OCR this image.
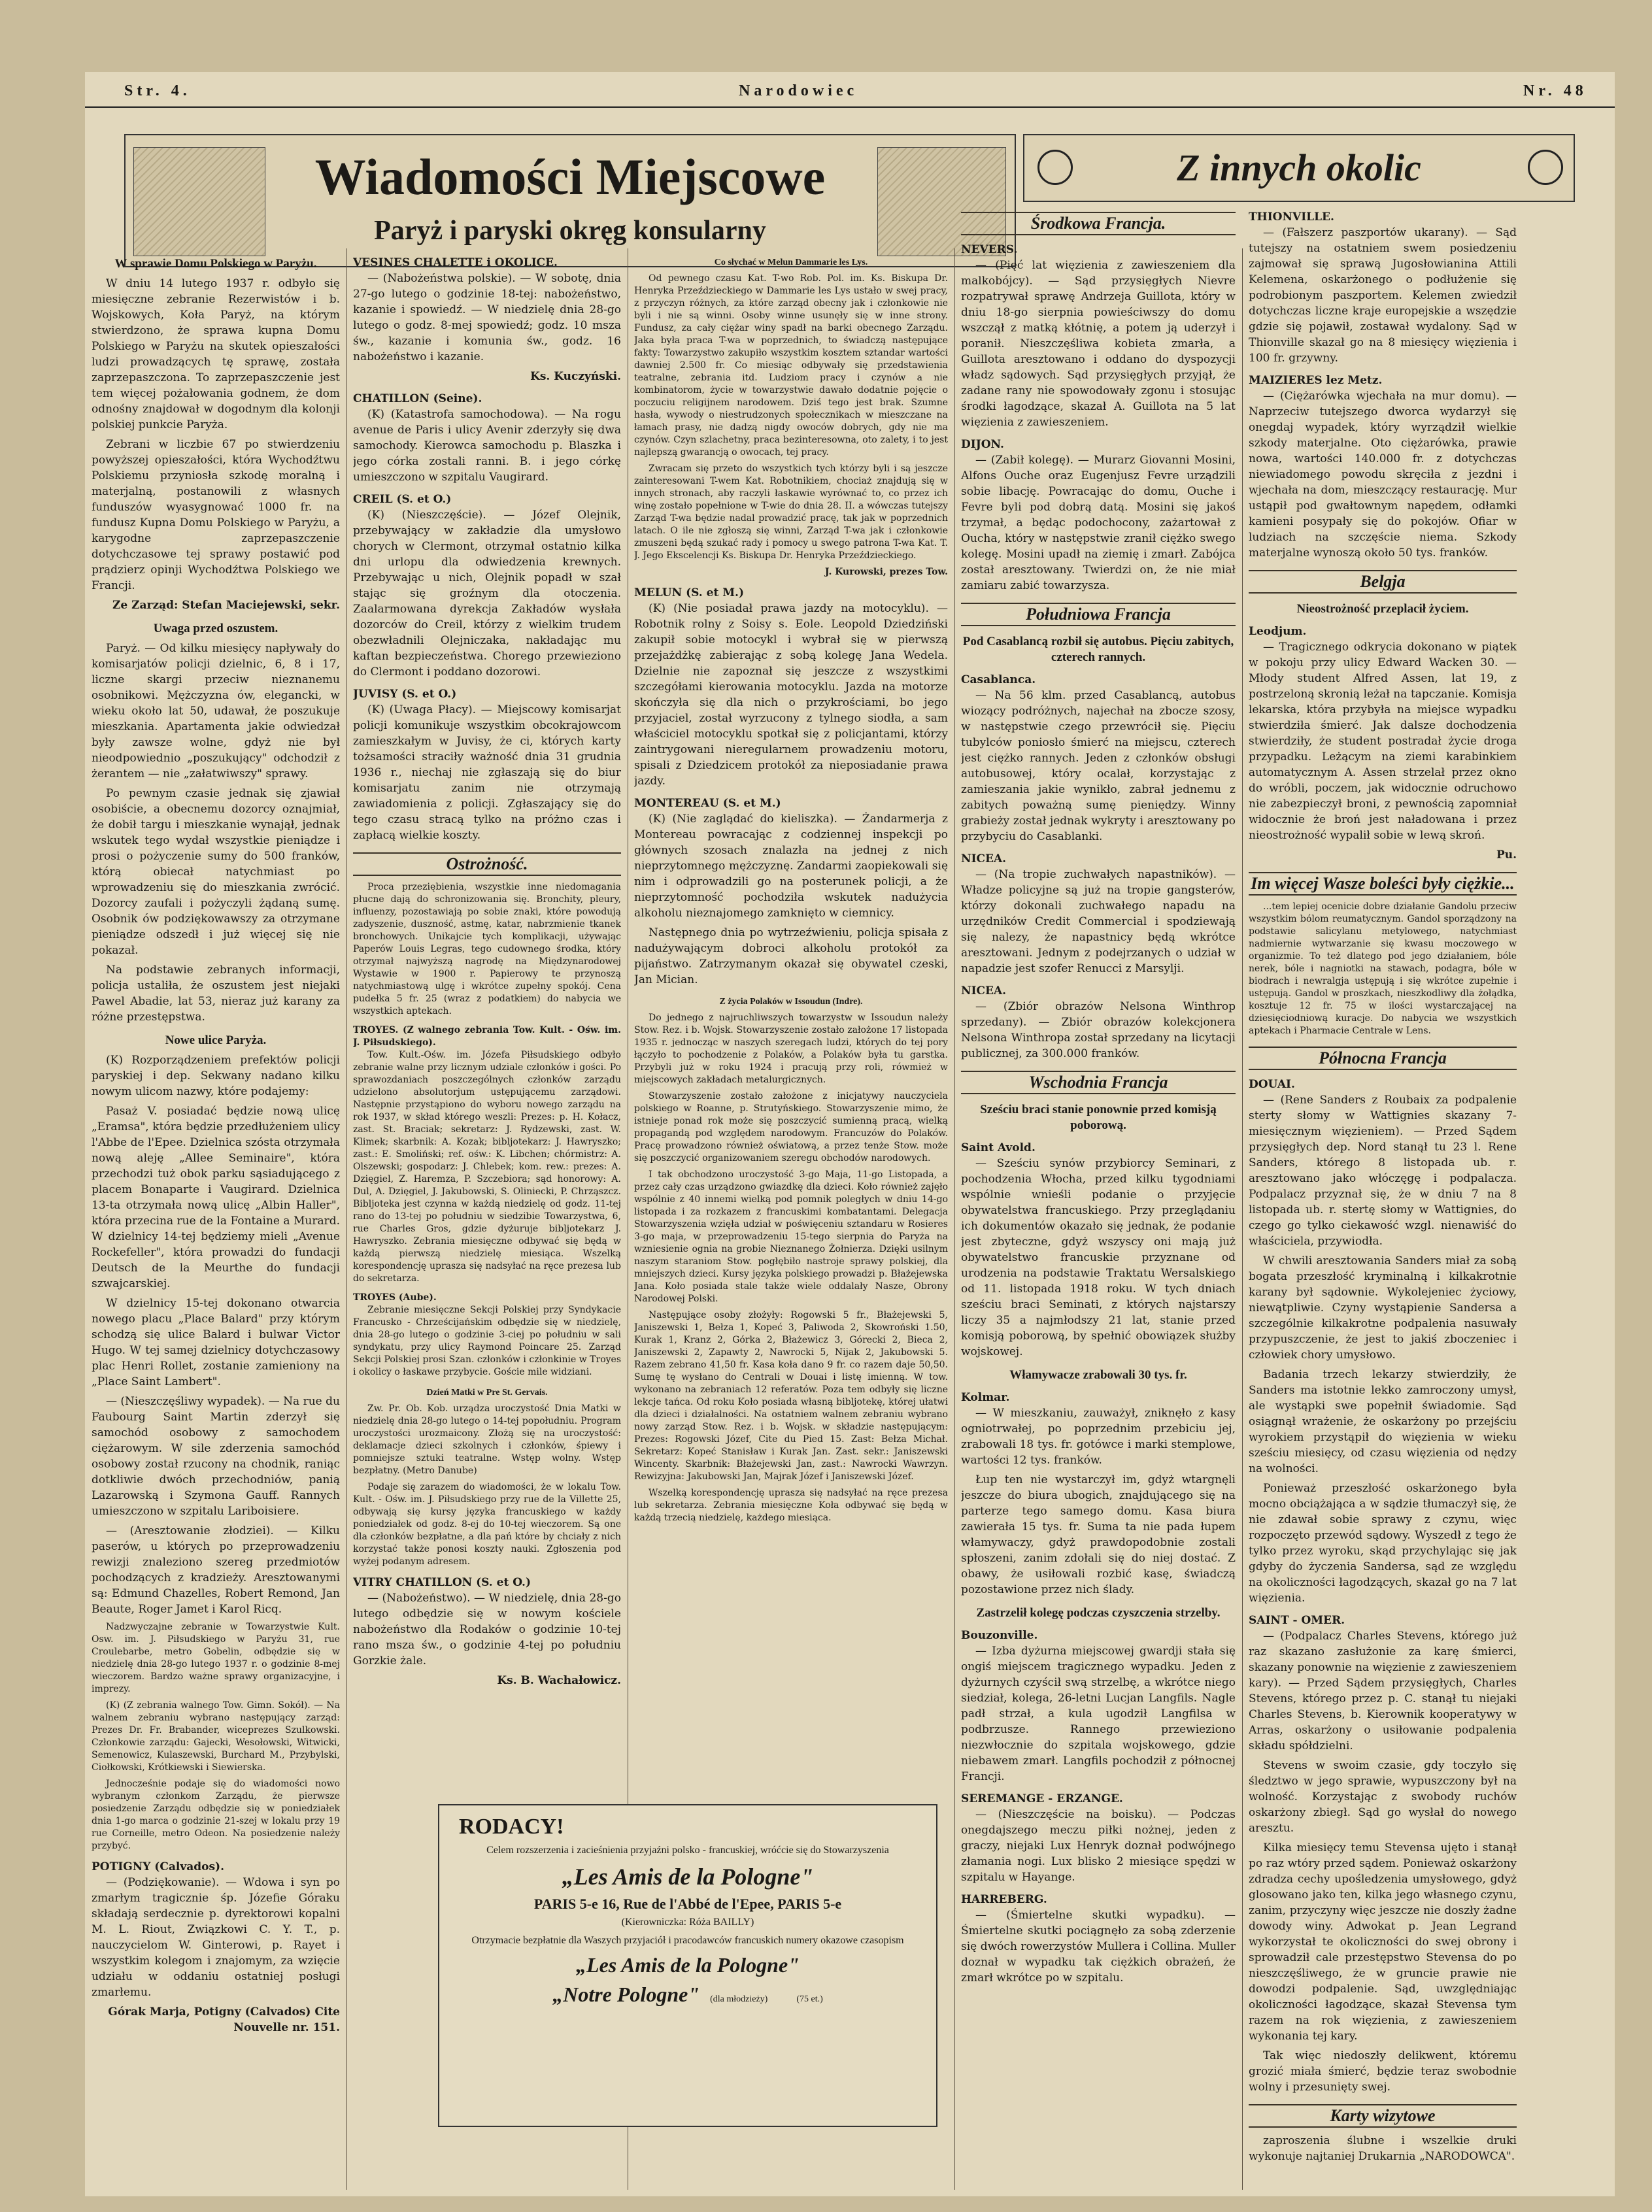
Str. 4.	Narodowiec	Nr. 48
Wiadomości Miejscowe
Paryż i paryski okręg konsularny
Z innych okolic
W sprawie Domu Polskiego w Paryżu.

W dniu 14 lutego 1937 r. odbyło się miesięczne zebranie Rezerwistów i b. Wojskowych, Koła Paryż, na którym stwierdzono, że sprawa kupna Domu Polskiego w Paryżu na skutek opieszałości ludzi prowadzących tę sprawę, została zaprzepaszczona. To zaprzepaszczenie jest tem więcej pożałowania godnem, że dom odnośny znajdował w dogodnym dla kolonji polskiej punkcie Paryża.

Zebrani w liczbie 67 po stwierdzeniu powyższej opieszałości, która Wychodźtwu Polskiemu przyniosła szkodę moralną i materjalną, postanowili z własnych funduszów wyasygnować 1000 fr. na fundusz Kupna Domu Polskiego w Paryżu, a karygodne zaprzepaszczenie dotychczasowe tej sprawy postawić pod prądzierz opinji Wychodźtwa Polskiego we Francji.

Ze Zarząd: Stefan Maciejewski, sekr.
Uwaga przed oszustem.

Paryż. — Od kilku miesięcy napływały do komisarjatów policji dzielnic, 6, 8 i 17, liczne skargi przeciw nieznanemu osobnikowi. Mężczyzna ów, elegancki, w wieku około lat 50, udawał, że poszukuje mieszkania. Apartamenta jakie odwiedzał były zawsze wolne, gdyż nie był nieodpowiednio „poszukujący" odchodził z żerantem — nie „załatwiwszy" sprawy.

Po pewnym czasie jednak się zjawiał osobiście, a obecnemu dozorcy oznajmiał, że dobił targu i mieszkanie wynajął, jednak wskutek tego wydał wszystkie pieniądze i prosi o pożyczenie sumy do 500 franków, którą obiecał natychmiast po wprowadzeniu się do mieszkania zwrócić. Dozorcy zaufali i pożyczyli żądaną sumę. Osobnik ów podziękowawszy za otrzymane pieniądze odszedł i już więcej się nie pokazał.

Na podstawie zebranych informacji, policja ustaliła, że oszustem jest niejaki Pawel Abadie, lat 53, nieraz już karany za różne przestępstwa.

Nowe ulice Paryża.

(K) Rozporządzeniem prefektów policji paryskiej i dep. Sekwany nadano kilku nowym ulicom nazwy, które podajemy:

Pasaż V. posiadać będzie nową ulicę „Eramsa", która będzie przedłużeniem ulicy l'Abbe de l'Epee. Dzielnica szósta otrzymała nową aleję „Allee Seminaire", która przechodzi tuż obok parku sąsiadującego z placem Bonaparte i Vaugirard. Dzielnica 13-ta otrzymała nową ulicę „Albin Haller", która przecina rue de la Fontaine a Murard. W dzielnicy 14-tej będziemy mieli „Avenue Rockefeller", która prowadzi do fundacji Deutsch de la Meurthe do fundacji szwajcarskiej.

W dzielnicy 15-tej dokonano otwarcia nowego placu „Place Balard" przy którym schodzą się ulice Balard i bulwar Victor Hugo. W tej samej dzielnicy dotychczasowy plac Henri Rollet, zostanie zamieniony na „Place Saint Lambert".

— (Nieszczęśliwy wypadek). — Na rue du Faubourg Saint Martin zderzył się samochód osobowy z samochodem ciężarowym. W sile zderzenia samochód osobowy został rzucony na chodnik, raniąc dotkliwie dwóch przechodniów, panią Lazarowską i Szymona Gauff. Rannych umieszczono w szpitalu Lariboisiere.

— (Aresztowanie złodziei). — Kilku paserów, u których po przeprowadzeniu rewizji znaleziono szereg przedmiotów pochodzących z kradzieży. Aresztowanymi są: Edmund Chazelles, Robert Remond, Jan Beaute, Roger Jamet i Karol Ricq.

Nadzwyczajne zebranie w Towarzystwie Kult. Osw. im. J. Piłsudskiego w Paryżu 31, rue Croulebarbe, metro Gobelin, odbędzie się w niedzielę dnia 28-go lutego 1937 r. o godzinie 8-mej wieczorem. Bardzo ważne sprawy organizacyjne, i imprezy.

(K) (Z zebrania walnego Tow. Gimn. Sokół). — Na walnem zebraniu wybrano następujący zarząd: Prezes Dr. Fr. Brabander, wiceprezes Szulkowski. Członkowie zarządu: Gajecki, Wesołowski, Witwicki, Semenowicz, Kulaszewski, Burchard M., Przybylski, Ciołkowski, Krótkiewski i Siewierska.

Jednocześnie podaje się do wiadomości nowo wybranym członkom Zarządu, że pierwsze posiedzenie Zarządu odbędzie się w poniedziałek dnia 1-go marca o godzinie 21-szej w lokalu przy 19 rue Corneille, metro Odeon. Na posiedzenie należy przybyć.

POTIGNY (Calvados).

— (Podziękowanie). — Wdowa i syn po zmarłym tragicznie śp. Józefie Góraku składają serdecznie p. dyrektorowi kopalni M. L. Riout, Związkowi C. Y. T., p. nauczycielom W. Ginterowi, p. Rayet i wszystkim kolegom i znajomym, za wzięcie udziału w oddaniu ostatniej posługi zmarłemu.

Górak Marja, Potigny (Calvados) Cite Nouvelle nr. 151.
VESINES CHALETTE i OKOLICE.

— (Nabożeństwa polskie). — W sobotę, dnia 27-go lutego o godzinie 18-tej: nabożeństwo, kazanie i spowiedź. — W niedzielę dnia 28-go lutego o godz. 8-mej spowiedź; godz. 10 msza św., kazanie i komunia św., godz. 16 nabożeństwo i kazanie.

Ks. Kuczyński.
CHATILLON (Seine).

(K) (Katastrofa samochodowa). — Na rogu avenue de Paris i ulicy Avenir zderzyły się dwa samochody. Kierowca samochodu p. Blaszka i jego córka zostali ranni. B. i jego córkę umieszczono w szpitalu Vaugirard.

CREIL (S. et O.)

(K) (Nieszczęście). — Józef Olejnik, przebywający w zakładzie dla umysłowo chorych w Clermont, otrzymał ostatnio kilka dni urlopu dla odwiedzenia krewnych. Przebywając u nich, Olejnik popadł w szał stając się groźnym dla otoczenia. Zaalarmowana dyrekcja Zakładów wysłała dozorców do Creil, którzy z wielkim trudem obezwładnili Olejniczaka, nakładając mu kaftan bezpieczeństwa. Chorego przewieziono do Clermont i poddano dozorowi.

JUVISY (S. et O.)

(K) (Uwaga Płacy). — Miejscowy komisarjat policji komunikuje wszystkim obcokrajowcom zamieszkałym w Juvisy, że ci, których karty tożsamości straciły ważność dnia 31 grudnia 1936 r., niechaj nie zgłaszają się do biur komisarjatu zanim nie otrzymają zawiadomienia z policji. Zgłaszający się do tego czasu stracą tylko na próżno czas i zapłacą wielkie koszty.

Ostrożność.

Proca przeziębienia, wszystkie inne niedomagania płucne dają do schronizowania się. Bronchity, pleury, influenzy, pozostawiają po sobie znaki, które powodują zadyszenie, duszność, astmę, katar, nabrzmienie tkanek bronchowych. Unikajcie tych komplikacji, używając Paperów Louis Legras, tego cudownego środka, który otrzymał najwyższą nagrodę na Międzynarodowej Wystawie w 1900 r. Papierowy te przynoszą natychmiastową ulgę i wkrótce zupełny spokój. Cena pudełka 5 fr. 25 (wraz z podatkiem) do nabycia we wszystkich aptekach.

TROYES. (Z walnego zebrania Tow. Kult. - Ośw. im. J. Piłsudskiego).

Tow. Kult.-Ośw. im. Józefa Piłsudskiego odbyło zebranie walne przy licznym udziale członków i gości. Po sprawozdaniach poszczególnych członków zarządu udzielono absolutorjum ustępującemu zarządowi. Następnie przystąpiono do wyboru nowego zarządu na rok 1937, w skład którego weszli: Prezes: p. H. Kołacz, zast. St. Braciak; sekretarz: J. Rydzewski, zast. W. Klimek; skarbnik: A. Kozak; bibljotekarz: J. Hawryszko; zast.: E. Smoliński; ref. ośw.: K. Libchen; chórmistrz: A. Olszewski; gospodarz: J. Chlebek; kom. rew.: prezes: A. Dzięgiel, Z. Haremza, P. Szczebiora; sąd honorowy: A. Dul, A. Dzięgiel, J. Jakubowski, S. Oliniecki, P. Chrząszcz. Bibljoteka jest czynna w każdą niedzielę od godz. 11-tej rano do 13-tej po południu w siedzibie Towarzystwa, 6, rue Charles Gros, gdzie dyżuruje bibljotekarz J. Hawryszko. Zebrania miesięczne odbywać się będą w każdą pierwszą niedzielę miesiąca. Wszelką korespondencję uprasza się nadsyłać na ręce prezesa lub do sekretarza.

TROYES (Aube).

Zebranie miesięczne Sekcji Polskiej przy Syndykacie Francusko - Chrześcijańskim odbędzie się w niedzielę, dnia 28-go lutego o godzinie 3-ciej po południu w sali syndykatu, przy ulicy Raymond Poincare 25. Zarząd Sekcji Polskiej prosi Szan. członków i członkinie w Troyes i okolicy o łaskawe przybycie. Goście mile widziani.

Dzień Matki w Pre St. Gervais.

Zw. Pr. Ob. Kob. urządza uroczystość Dnia Matki w niedzielę dnia 28-go lutego o 14-tej popołudniu. Program uroczystości urozmaicony. Złożą się na uroczystość: deklamacje dzieci szkolnych i członków, śpiewy i pomniejsze sztuki teatralne. Wstęp wolny. Wstęp bezpłatny. (Metro Danube)

Podaje się zarazem do wiadomości, że w lokalu Tow. Kult. - Ośw. im. J. Piłsudskiego przy rue de la Villette 25, odbywają się kursy języka francuskiego w każdy poniedziałek od godz. 8-ej do 10-tej wieczorem. Są one dla członków bezpłatne, a dla pań które by chciały z nich korzystać także ponosi koszty nauki. Zgłoszenia pod wyżej podanym adresem.

VITRY CHATILLON (S. et O.)

— (Nabożeństwo). — W niedzielę, dnia 28-go lutego odbędzie się w nowym kościele nabożeństwo dla Rodaków o godzinie 10-tej rano msza św., o godzinie 4-tej po południu Gorzkie żale.

Ks. B. Wachałowicz.
Co słychać w Melun Dammarie les Lys.

Od pewnego czasu Kat. T-wo Rob. Pol. im. Ks. Biskupa Dr. Henryka Przeździeckiego w Dammarie les Lys ustało w swej pracy, z przyczyn różnych, za które zarząd obecny jak i członkowie nie byli i nie są winni. Osoby winne usunęły się w inne strony. Fundusz, za cały ciężar winy spadł na barki obecnego Zarządu. Jaka była praca T-wa w poprzednich, to świadczą następujące fakty: Towarzystwo zakupiło wszystkim kosztem sztandar wartości dawniej 2.500 fr. Co miesiąc odbywały się przedstawienia teatralne, zebrania itd. Ludziom pracy i czynów a nie kombinatorom, życie w towarzystwie dawało dodatnie pojęcie o poczuciu religijnem narodowem. Dziś tego jest brak. Szumne hasła, wywody o niestrudzonych społecznikach w mieszczane na łamach prasy, nie dadzą nigdy owoców dobrych, gdy nie ma czynów. Czyn szlachetny, praca bezinteresowna, oto zalety, i to jest najlepszą gwarancją o owocach, tej pracy.

Zwracam się przeto do wszystkich tych którzy byli i są jeszcze zainteresowani T-wem Kat. Robotnikiem, chociaż znajdują się w innych stronach, aby raczyli łaskawie wyrównać to, co przez ich winę zostało popełnione w T-wie do dnia 28. II. a wówczas tutejszy Zarząd T-wa będzie nadal prowadzić pracę, tak jak w poprzednich latach. O ile nie zgłoszą się winni, Zarząd T-wa jak i członkowie zmuszeni będą szukać rady i pomocy u swego patrona T-wa Kat. T. J. Jego Ekscelencji Ks. Biskupa Dr. Henryka Przeździeckiego.

J. Kurowski, prezes Tow.
MELUN (S. et M.)

(K) (Nie posiadał prawa jazdy na motocyklu). — Robotnik rolny z Soisy s. Eole. Leopold Dziedziński zakupił sobie motocykl i wybrał się w pierwszą przejażdżkę zabierając z sobą kolegę Jana Wedela. Dzielnie nie zapoznał się jeszcze z wszystkimi szczegółami kierowania motocyklu. Jazda na motorze skończyła się dla nich o przykrościami, bo jego przyjaciel, został wyrzucony z tylnego siodła, a sam właściciel motocyklu spotkał się z policjantami, którzy zaintrygowani nieregularnem prowadzeniu motoru, spisali z Dziedzicem protokół za nieposiadanie prawa jazdy.

MONTEREAU (S. et M.)

(K) (Nie zaglądać do kieliszka). — Żandarmerja z Montereau powracając z codziennej inspekcji po głównych szosach znalazła na jednej z nich nieprzytomnego mężczyznę. Zandarmi zaopiekowali się nim i odprowadzili go na posterunek policji, a że nieprzytomność pochodziła wskutek nadużycia alkoholu nieznajomego zamknięto w ciemnicy.

Następnego dnia po wytrzeźwieniu, policja spisała z nadużywającym dobroci alkoholu protokół za pijaństwo. Zatrzymanym okazał się obywatel czeski, Jan Mician.

Z życia Polaków w Issoudun (Indre).

Do jednego z najruchliwszych towarzystw w Issoudun należy Stow. Rez. i b. Wojsk. Stowarzyszenie zostało założone 17 listopada 1935 r. jednocząc w naszych szeregach ludzi, których do tej pory łączyło to pochodzenie z Polaków, a Polaków była tu garstka. Przybyli już w roku 1924 i pracują przy roli, rówmież w miejscowych zakładach metalurgicznych.

Stowarzyszenie zostało założone z inicjatywy nauczyciela polskiego w Roanne, p. Strutyńskiego. Stowarzyszenie mimo, że istnieje ponad rok może się poszczycić sumienną pracą, wielką propagandą pod względem narodowym. Francuzów do Polaków. Pracę prowadzono również oświatową, a przez tenże Stow. może się poszczycić organizowaniem szeregu obchodów narodowych.

I tak obchodzono uroczystość 3-go Maja, 11-go Listopada, a przez cały czas urządzono gwiazdkę dla dzieci. Koło również zajęło wspólnie z 40 innemi wielką pod pomnik poległych w dniu 14-go listopada i za rozkazem z francuskimi kombatantami. Delegacja Stowarzyszenia wzięła udział w poświęceniu sztandaru w Rosieres 3-go maja, w przeprowadzeniu 15-tego sierpnia do Paryża na wzniesienie ognia na grobie Nieznanego Żołnierza. Dzięki usilnym naszym staraniom Stow. pogłębiło nastroje sprawy polskiej, dla mniejszych dzieci. Kursy języka polskiego prowadzi p. Błażejewska Jana. Koło posiada stale także wiele oddalały Nasze, Obrony Narodowej Polski.

Następujące osoby złożyły: Rogowski 5 fr., Błażejewski 5, Janiszewski 1, Bełza 1, Kopeć 3, Paliwoda 2, Skowroński 1.50, Kurak 1, Kranz 2, Górka 2, Błażewicz 3, Górecki 2, Bieca 2, Janiszewski 2, Zapawty 2, Nawrocki 5, Nijak 2, Jakubowski 5. Razem zebrano 41,50 fr. Kasa koła dano 9 fr. co razem daje 50,50. Sumę tę wysłano do Centrali w Douai i listę imienną. W tow. wykonano na zebraniach 12 referatów. Poza tem odbyły się liczne lekcje tańca. Od roku Koło posiada własną bibljotekę, której ułatwi dla dzieci i działalności. Na ostatniem walnem zebraniu wybrano nowy zarząd Stow. Rez. i b. Wojsk. w składzie następującym: Prezes: Rogowski Józef, Cite du Pied 15. Zast: Bełza Michał. Sekretarz: Kopeć Stanisław i Kurak Jan. Zast. sekr.: Janiszewski Wincenty. Skarbnik: Błażejewski Jan, zast.: Nawrocki Wawrzyn. Rewizyjna: Jakubowski Jan, Majrak Józef i Janiszewski Józef.

Wszelką korespondencję uprasza się nadsyłać na ręce prezesa lub sekretarza. Zebrania miesięczne Koła odbywać się będą w każdą trzecią niedzielę, każdego miesiąca.

RODACY!
Celem rozszerzenia i zacieśnienia przyjaźni polsko - francuskiej, wróćcie się do Stowarzyszenia
„Les Amis de la Pologne"
PARIS 5-e 16, Rue de l'Abbé de l'Epee, PARIS 5-e
(Kierowniczka: Róża BAILLY)
Otrzymacie bezpłatnie dla Waszych przyjaciół i pracodawców francuskich numery okazowe czasopism
„Les Amis de la Pologne"
„Notre Pologne" (dla młodzieży)	(75 et.)
Środkowa Francja.
NEVERS.

— (Pięć lat więzienia z zawieszeniem dla malkobójcy). — Sąd przysięgłych Nievre rozpatrywał sprawę Andrzeja Guillota, który w dniu 18-go sierpnia powieściwszy do domu wszczął z matką kłótnię, a potem ją uderzył i poranił. Nieszczęśliwa kobieta zmarła, a Guillota aresztowano i oddano do dyspozycji władz sądowych. Sąd przysięgłych przyjął, że zadane rany nie spowodowały zgonu i stosując środki łagodzące, skazał A. Guillota na 5 lat więzienia z zawieszeniem.

DIJON.

— (Zabił kolegę). — Murarz Giovanni Mosini, Alfons Ouche oraz Eugenjusz Fevre urządzili sobie libację. Powracając do domu, Ouche i Fevre byli pod dobrą datą. Mosini się jakoś trzymał, a będąc podochocony, zażartował z Oucha, który w następstwie zranił ciężko swego kolegę. Mosini upadł na ziemię i zmarł. Zabójca został aresztowany. Twierdzi on, że nie miał zamiaru zabić towarzysza.

Południowa Francja
Pod Casablancą rozbił się autobus. Pięciu zabitych, czterech rannych.
Casablanca.

— Na 56 klm. przed Casablancą, autobus wiozący podróżnych, najechał na zbocze szosy, w następstwie czego przewrócił się. Pięciu tubylców poniosło śmierć na miejscu, czterech jest ciężko rannych. Jeden z członków obsługi autobusowej, który ocalał, korzystając z zamieszania jakie wynikło, zabrał jednemu z zabitych poważną sumę pieniędzy. Winny grabieży został jednak wykryty i aresztowany po przybyciu do Casablanki.

NICEA.

— (Na tropie zuchwałych napastników). — Władze policyjne są już na tropie gangsterów, którzy dokonali zuchwałego napadu na urzędników Credit Commercial i spodziewają się nalezy, że napastnicy będą wkrótce aresztowani. Jednym z podejrzanych o udział w napadzie jest szofer Renucci z Marsylji.

NICEA.

— (Zbiór obrazów Nelsona Winthrop sprzedany). — Zbiór obrazów kolekcjonera Nelsona Winthropa został sprzedany na licytacji publicznej, za 300.000 franków.

Wschodnia Francja
Sześciu braci stanie ponownie przed komisją poborową.
Saint Avold.

— Sześciu synów przybiorcy Seminari, z pochodzenia Włocha, przed kilku tygodniami wspólnie wnieśli podanie o przyjęcie obywatelstwa francuskiego. Przy przeglądaniu ich dokumentów okazało się jednak, że podanie jest zbyteczne, gdyż wszyscy oni mają już obywatelstwo francuskie przyznane od urodzenia na podstawie Traktatu Wersalskiego od 11. listopada 1918 roku. W tych dniach sześciu braci Seminati, z których najstarszy liczy 35 a najmłodszy 21 lat, stanie przed komisją poborową, by spełnić obowiązek służby wojskowej.

Włamywacze zrabowali 30 tys. fr.
Kolmar.

— W mieszkaniu, zauważył, zniknęło z kasy ogniotrwałej, po poprzednim przebiciu jej, zrabowali 18 tys. fr. gotówce i marki stemplowe, wartości 12 tys. franków.

Łup ten nie wystarczył im, gdyż wtargnęli jeszcze do biura ubogich, znajdującego się na parterze tego samego domu. Kasa biura zawierała 15 tys. fr. Suma ta nie pada łupem włamywaczy, gdyż prawdopodobnie zostali spłoszeni, zanim zdołali się do niej dostać. Z obawy, że usiłowali rozbić kasę, świadczą pozostawione przez nich ślady.

Zastrzelił kolegę podczas czyszczenia strzelby.
Bouzonville.

— Izba dyżurna miejscowej gwardji stała się ongiś miejscem tragicznego wypadku. Jeden z dyżurnych czyścił swą strzelbę, a wkrótce niego siedział, kolega, 26-letni Lucjan Langfils. Nagle padł strzał, a kula ugodził Langfilsa w podbrzusze. Rannego przewieziono niezwłocznie do szpitala wojskowego, gdzie niebawem zmarł. Langfils pochodził z północnej Francji.

SEREMANGE - ERZANGE.

— (Nieszczęście na boisku). — Podczas onegdajszego meczu piłki nożnej, jeden z graczy, niejaki Lux Henryk doznał podwójnego złamania nogi. Lux blisko 2 miesiące spędzi w szpitalu w Hayange.

HARREBERG.

— (Śmiertelne skutki wypadku). — Śmiertelne skutki pociągnęło za sobą zderzenie się dwóch rowerzystów Mullera i Collina. Muller doznał w wypadku tak ciężkich obrażeń, że zmarł wkrótce po w szpitalu.

THIONVILLE.

— (Fałszerz paszportów ukarany). — Sąd tutejszy na ostatniem swem posiedzeniu zajmował się sprawą Jugosłowianina Attili Kelemena, oskarżonego o podłużenie się podrobionym paszportem. Kelemen zwiedził dotychczas liczne kraje europejskie a wszędzie gdzie się pojawił, zostawał wydalony. Sąd w Thionville skazał go na 8 miesięcy więzienia i 100 fr. grzywny.

MAIZIERES lez Metz.

— (Ciężarówka wjechała na mur domu). — Naprzeciw tutejszego dworca wydarzył się onegdaj wypadek, który wyrządził wielkie szkody materjalne. Oto ciężarówka, prawie nowa, wartości 140.000 fr. z dotychczas niewiadomego powodu skręciła z jezdni i wjechała na dom, mieszczący restaurację. Mur ustąpił pod gwałtownym napędem, odłamki kamieni posypały się do pokojów. Ofiar w ludziach na szczęście niema. Szkody materjalne wynoszą około 50 tys. franków.

Belgja
Nieostrożność przeplacił życiem.
Leodjum.

— Tragicznego odkrycia dokonano w piątek w pokoju przy ulicy Edward Wacken 30. — Młody student Alfred Assen, lat 19, z postrzeloną skronią leżał na tapczanie. Komisja lekarska, która przybyła na miejsce wypadku stwierdziła śmierć. Jak dalsze dochodzenia stwierdziły, że student postradał życie droga przypadku. Leżącym na ziemi karabinkiem automatycznym A. Assen strzelał przez okno do wróbli, poczem, jak widocznie odruchowo nie zabezpieczył broni, z pewnością zapomniał widocznie że broń jest naładowana i przez nieostrożność wypalił sobie w lewą skroń.

Pu.
Im więcej Wasze boleści były ciężkie...

...tem lepiej ocenicie dobre działanie Gandolu przeciw wszystkim bólom reumatycznym. Gandol sporządzony na podstawie salicylanu metylowego, natychmiast nadmiernie wytwarzanie się kwasu moczowego w organizmie. To też dlatego pod jego działaniem, bóle nerek, bóle i nagniotki na stawach, podagra, bóle w biodrach i newralgja ustępują i się wkrótce zupełnie i ustępują. Gandol w proszkach, nieszkodliwy dla żołądka, kosztuje 12 fr. 75 w ilości wystarczającej na dziesięciodniową kuracje. Do nabycia we wszystkich aptekach i Pharmacie Centrale w Lens.

Północna Francja
DOUAI.

— (Rene Sanders z Roubaix za podpalenie sterty słomy w Wattignies skazany 7-miesięcznym więzieniem). — Przed Sądem przysięgłych dep. Nord stanął tu 23 l. Rene Sanders, którego 8 listopada ub. r. aresztowano jako włóczęgę i podpalacza. Podpalacz przyznał się, że w dniu 7 na 8 listopada ub. r. stertę słomy w Wattignies, do czego go tylko ciekawość wzgl. nienawiść do właściciela, przywiodła.

W chwili aresztowania Sanders miał za sobą bogata przeszłość kryminalną i kilkakrotnie karany był sądownie. Wykolejeniec życiowy, niewątpliwie. Czyny wystąpienie Sandersa a szczególnie kilkakrotne podpalenia nasuwały przypuszczenie, że jest to jakiś zboczeniec i człowiek chory umysłowo.

Badania trzech lekarzy stwierdziły, że Sanders ma istotnie lekko zamroczony umysł, ale wystąpki swe popełnił świadomie. Sąd osiągnął wrażenie, że oskarżony po przejściu wyrokiem przystąpił do więzienia w wieku sześciu miesięcy, od czasu więzienia od nędzy na wolności.

Ponieważ przeszłość oskarżonego była mocno obciążająca a w sądzie tłumaczył się, że nie zdawał sobie sprawy z czynu, więc rozpoczęto przewód sądowy. Wyszedł z tego że tylko przez wyroku, skąd przychylając się jak gdyby do życzenia Sandersa, sąd ze względu na okoliczności łagodzących, skazał go na 7 lat więzienia.

SAINT - OMER.

— (Podpalacz Charles Stevens, którego już raz skazano zasłużonie za karę śmierci, skazany ponownie na więzienie z zawieszeniem kary). — Przed Sądem przysięgłych, Charles Stevens, którego przez p. C. stanął tu niejaki Charles Stevens, b. Kierownik kooperatywy w Arras, oskarżony o usiłowanie podpalenia składu spółdzielni.

Stevens w swoim czasie, gdy toczyło się śledztwo w jego sprawie, wypuszczony był na wolność. Korzystając z swobody ruchów oskarżony zbiegł. Sąd go wysłał do nowego aresztu.

Kilka miesięcy temu Stevensa ujęto i stanął po raz wtóry przed sądem. Ponieważ oskarżony zdradza cechy upośledzenia umysłowego, gdyż glosowano jako ten, kilka jego własnego czynu, zanim, przyczyny więc jeszcze nie doszły żadne dowody winy. Adwokat p. Jean Legrand wykorzystał te okoliczności do swej obrony i sprowadził cale przestępstwo Stevensa do po nieszczęśliwego, że w gruncie prawie nie dowodzi podpalenie. Sąd, uwzględniając okoliczności łagodzące, skazał Stevensa tym razem na rok więzienia, z zawieszeniem wykonania tej kary.

Tak więc niedoszły delikwent, któremu grozić miała śmierć, będzie teraz swobodnie wolny i przesunięty swej.

Karty wizytowe

zaproszenia ślubne i wszelkie druki wykonuje najtaniej Drukarnia „NARODOWCA".
